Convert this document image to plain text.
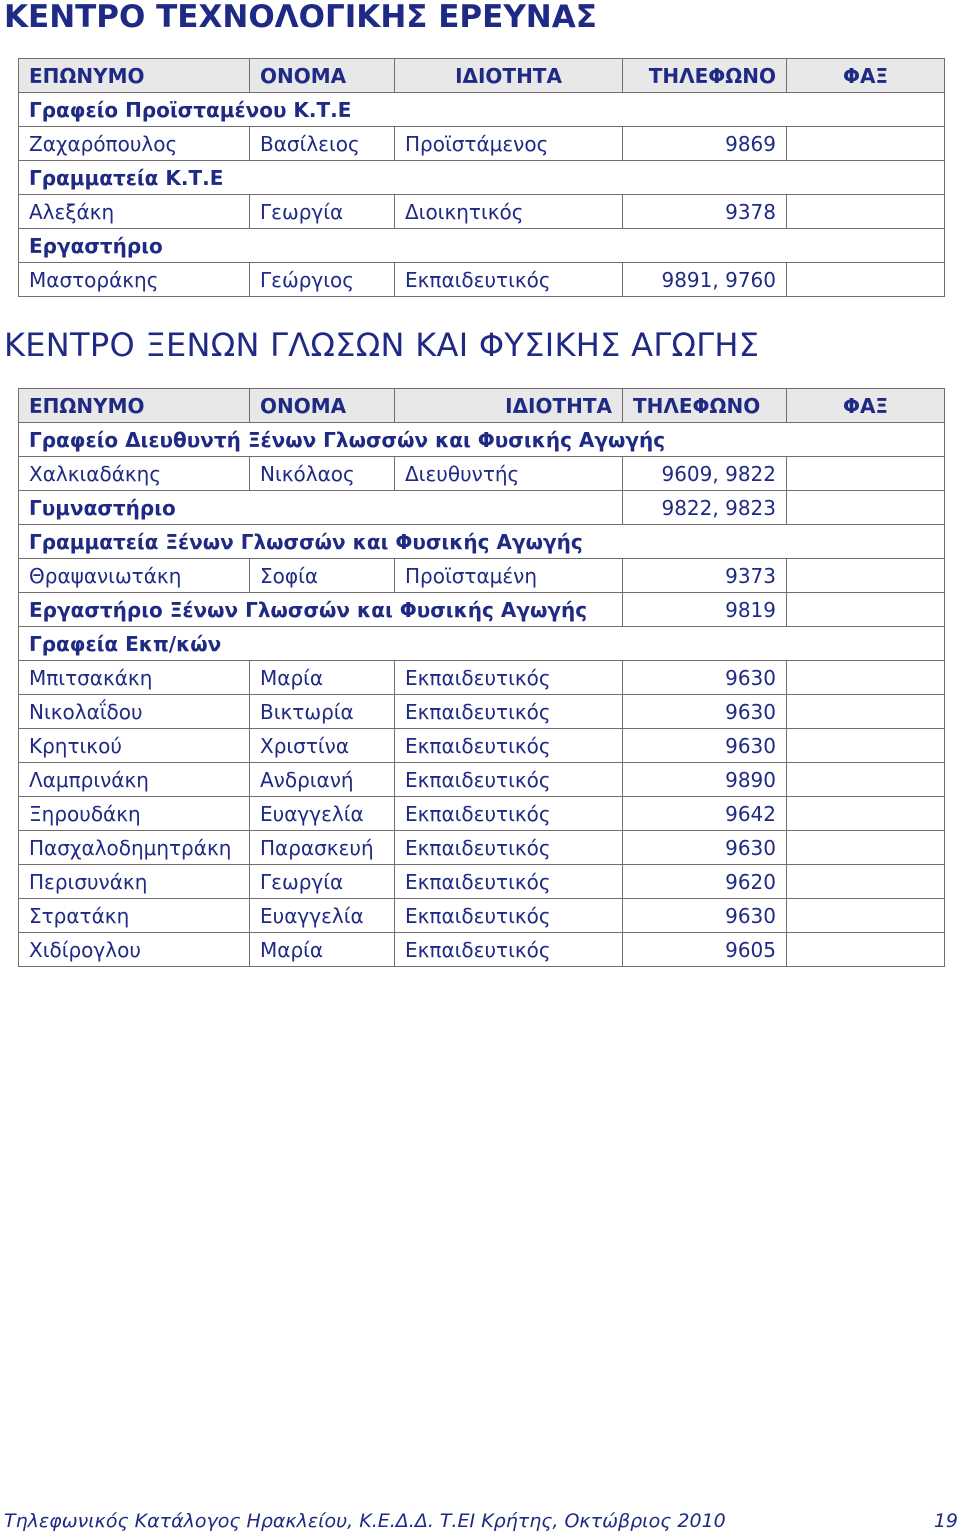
ΚΕΝΤΡΟ ΤΕΧΝΟΛΟΓΙΚΗΣ ΕΡΕΥΝΑΣ
ΕΠΩΝΥΜΟ	ΟΝΟΜΑ	ΙΔΙΟΤΗΤΑ	ΤΗΛΕΦΩΝΟ	ΦΑΞ
Γραφείο Προϊσταμένου Κ.Τ.Ε				
Ζαχαρόπουλος	Βασίλειος	Προϊστάμενος	9869	
Γραμματεία Κ.Τ.Ε				
Αλεξάκη	Γεωργία	Διοικητικός	9378	
Εργαστήριο				
Μαστοράκης	Γεώργιος	Εκπαιδευτικός	9891, 9760	
ΚΕΝΤΡΟ ΞΕΝΩΝ ΓΛΩΣΩΝ ΚΑΙ ΦΥΣΙΚΗΣ ΑΓΩΓΗΣ
ΕΠΩΝΥΜΟ	ΟΝΟΜΑ	ΙΔΙΟΤΗΤΑ	ΤΗΛΕΦΩΝΟ	ΦΑΞ
Γραφείο Διευθυντή Ξένων Γλωσσών και Φυσικής Αγωγής				
Χαλκιαδάκης	Νικόλαος	Διευθυντής	9609, 9822	
Γυμναστήριο			9822, 9823	
Γραμματεία Ξένων Γλωσσών και Φυσικής Αγωγής				
Θραψανιωτάκη	Σοφία	Προϊσταμένη	9373	
Εργαστήριο Ξένων Γλωσσών και Φυσικής Αγωγής			9819	
Γραφεία Εκπ/κών				
Μπιτσακάκη	Μαρία	Εκπαιδευτικός	9630	
Νικολαΐδου	Βικτωρία	Εκπαιδευτικός	9630	
Κρητικού	Χριστίνα	Εκπαιδευτικός	9630	
Λαμπρινάκη	Ανδριανή	Εκπαιδευτικός	9890	
Ξηρουδάκη	Ευαγγελία	Εκπαιδευτικός	9642	
Πασχαλοδημητράκη	Παρασκευή	Εκπαιδευτικός	9630	
Περισυνάκη	Γεωργία	Εκπαιδευτικός	9620	
Στρατάκη	Ευαγγελία	Εκπαιδευτικός	9630	
Χιδίρογλου	Μαρία	Εκπαιδευτικός	9605	
Τηλεφωνικός Κατάλογος Ηρακλείου, Κ.Ε.Δ.Δ. Τ.ΕΙ Κρήτης, Οκτώβριος 2010	19
